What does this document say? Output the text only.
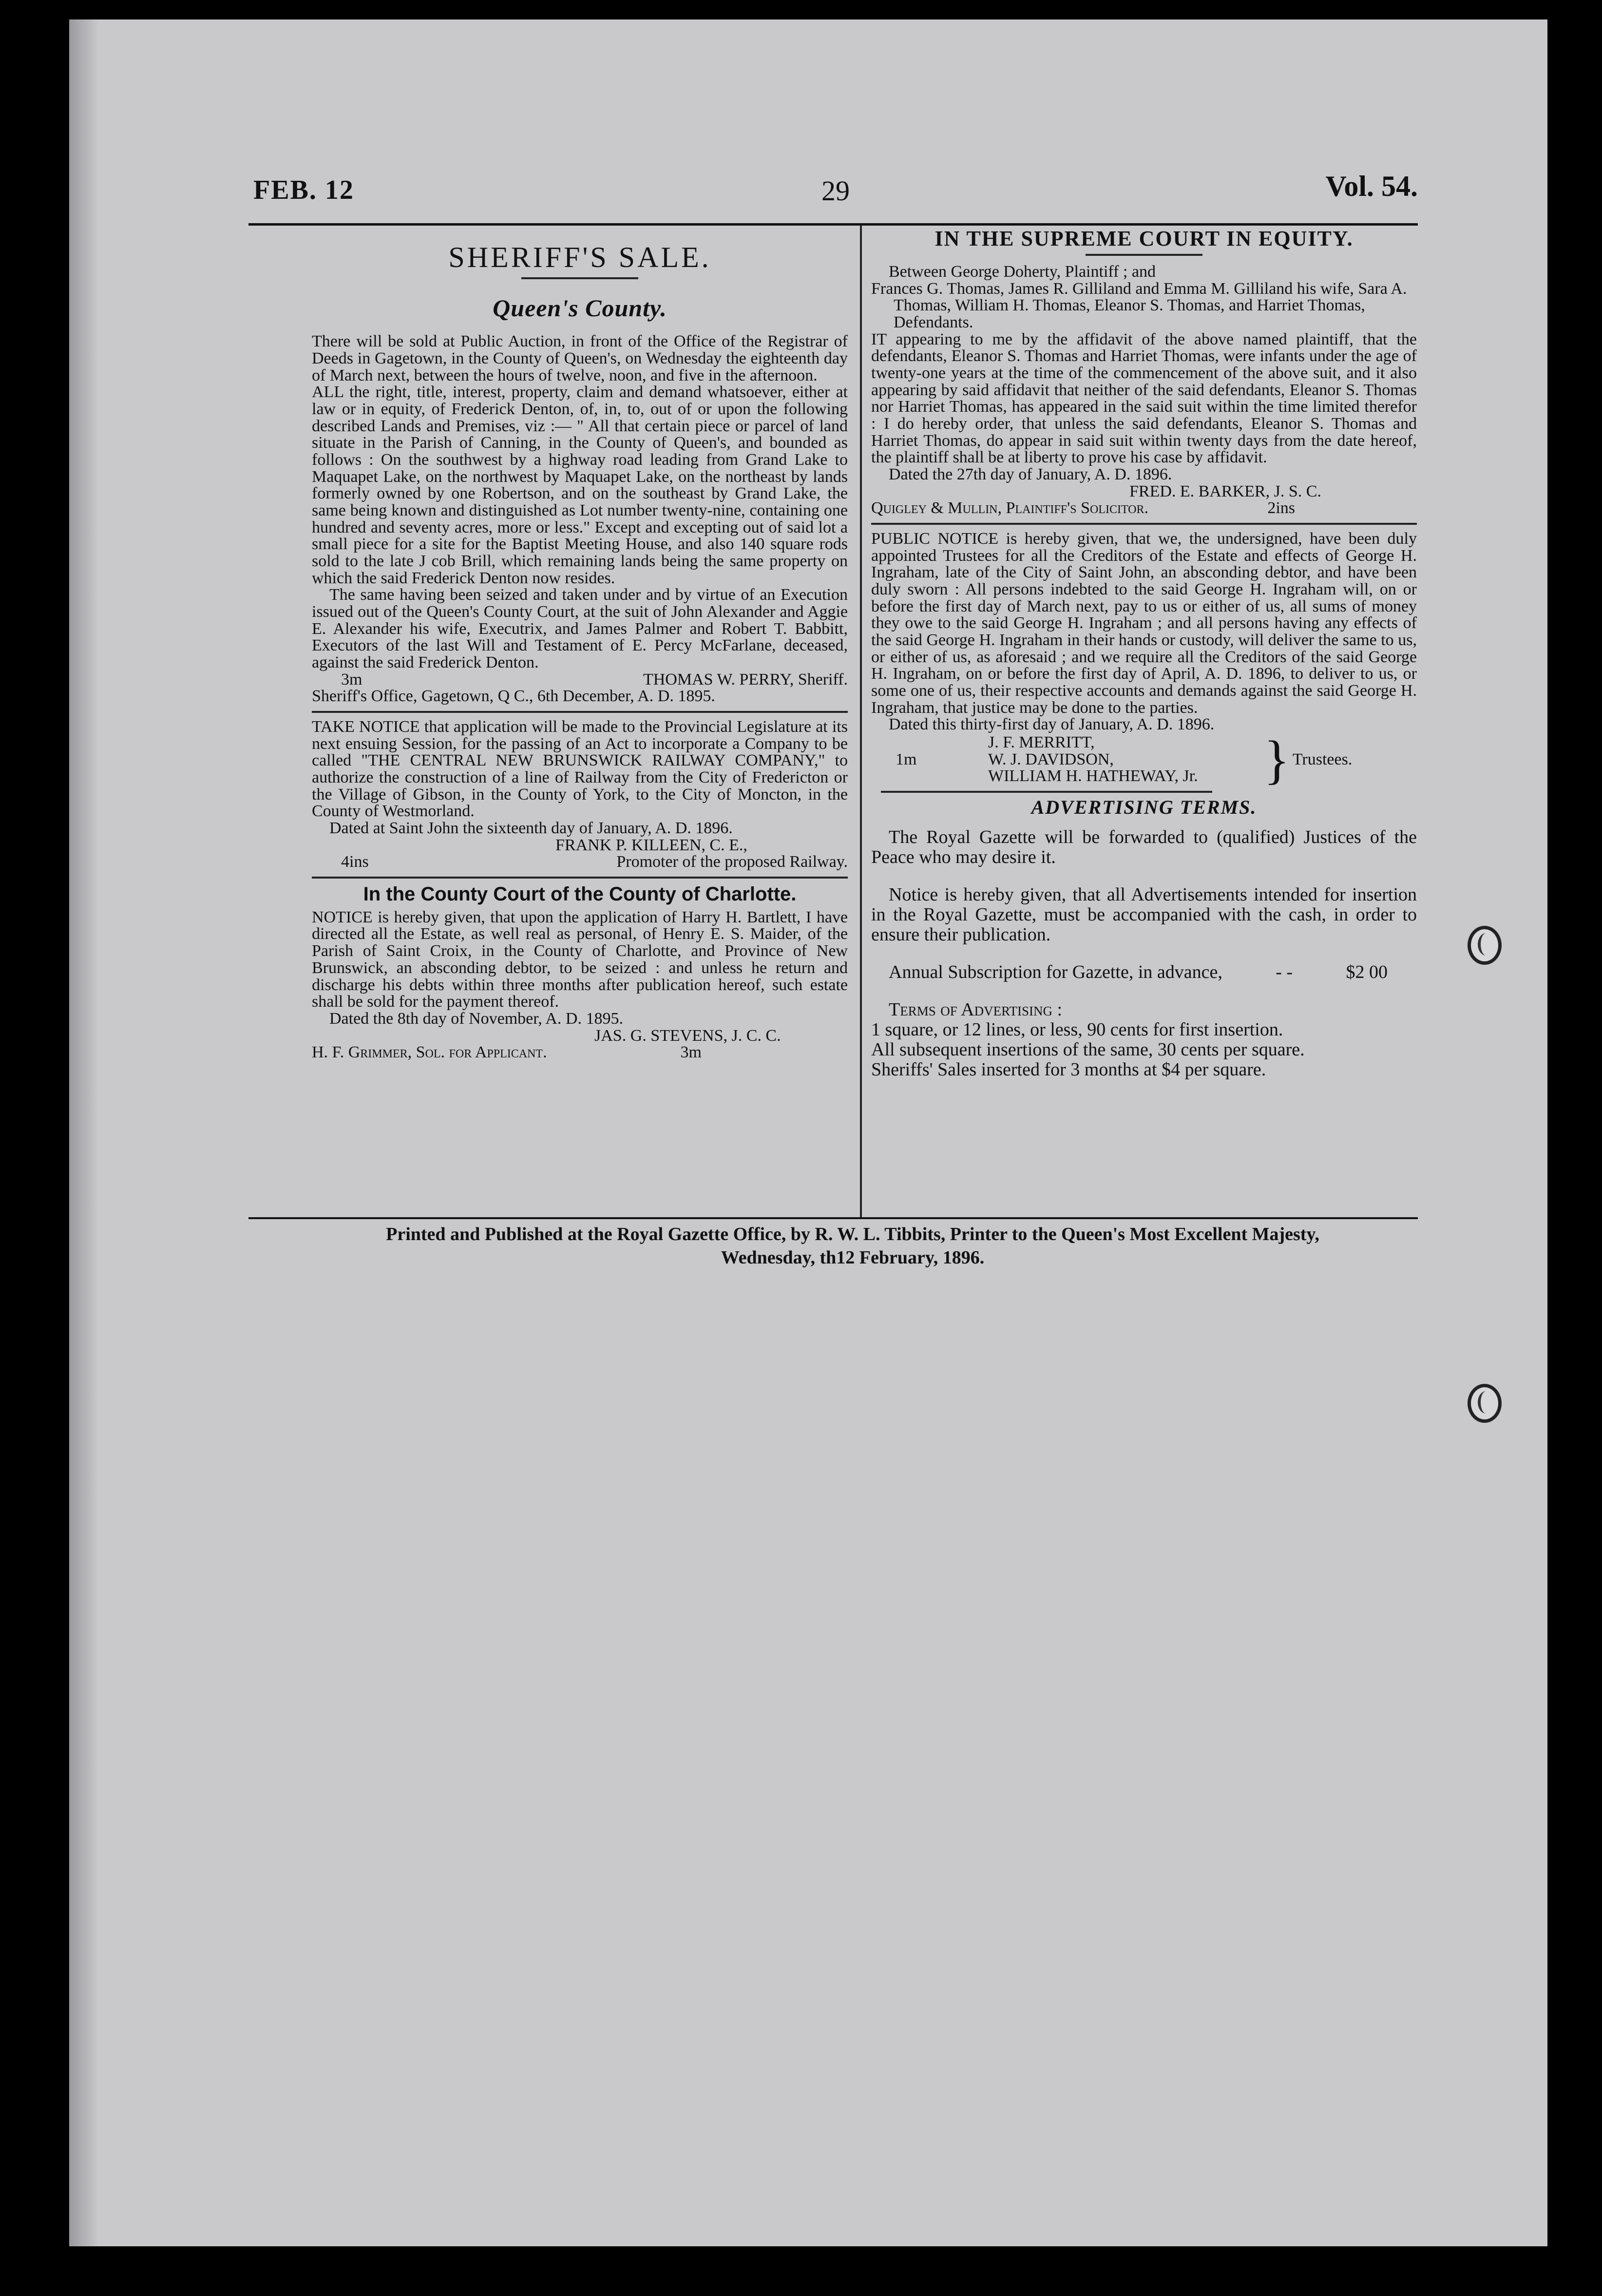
FEB. 12	29	Vol. 54.

SHERIFF'S SALE.

Queen's County.

There will be sold at Public Auction, in front of the Office of the Registrar of Deeds in Gagetown, in the County of Queen's, on Wednesday the eighteenth day of March next, between the hours of twelve, noon, and five in the afternoon.

ALL the right, title, interest, property, claim and demand whatsoever, either at law or in equity, of Frederick Denton, of, in, to, out of or upon the following described Lands and Premises, viz :— " All that certain piece or parcel of land situate in the Parish of Canning, in the County of Queen's, and bounded as follows : On the southwest by a highway road leading from Grand Lake to Maquapet Lake, on the northwest by Maquapet Lake, on the northeast by lands formerly owned by one Robertson, and on the southeast by Grand Lake, the same being known and distinguished as Lot number twenty-nine, containing one hundred and seventy acres, more or less." Except and excepting out of said lot a small piece for a site for the Baptist Meeting House, and also 140 square rods sold to the late J cob Brill, which remaining lands being the same property on which the said Frederick Denton now resides.

The same having been seized and taken under and by virtue of an Execution issued out of the Queen's County Court, at the suit of John Alexander and Aggie E. Alexander his wife, Executrix, and James Palmer and Robert T. Babbitt, Executors of the last Will and Testament of E. Percy McFarlane, deceased, against the said Frederick Denton.

3m	THOMAS W. PERRY, Sheriff.

Sheriff's Office, Gagetown, Q C., 6th December, A. D. 1895.

TAKE NOTICE that application will be made to the Provincial Legislature at its next ensuing Session, for the passing of an Act to incorporate a Company to be called "THE CENTRAL NEW BRUNSWICK RAILWAY COMPANY," to authorize the construction of a line of Railway from the City of Fredericton or the Village of Gibson, in the County of York, to the City of Moncton, in the County of Westmorland.

Dated at Saint John the sixteenth day of January, A. D. 1896.

FRANK P. KILLEEN, C. E.,

4ins	Promoter of the proposed Railway.

In the County Court of the County of Charlotte.

NOTICE is hereby given, that upon the application of Harry H. Bartlett, I have directed all the Estate, as well real as personal, of Henry E. S. Maider, of the Parish of Saint Croix, in the County of Charlotte, and Province of New Brunswick, an absconding debtor, to be seized : and unless he return and discharge his debts within three months after publication hereof, such estate shall be sold for the payment thereof.

Dated the 8th day of November, A. D. 1895.

JAS. G. STEVENS, J. C. C.

H. F. Grimmer, Sol. for Applicant.	3m

IN THE SUPREME COURT IN EQUITY.

Between George Doherty, Plaintiff ; and

Frances G. Thomas, James R. Gilliland and Emma M. Gilliland his wife, Sara A. Thomas, William H. Thomas, Eleanor S. Thomas, and Harriet Thomas, Defendants.

IT appearing to me by the affidavit of the above named plaintiff, that the defendants, Eleanor S. Thomas and Harriet Thomas, were infants under the age of twenty-one years at the time of the commencement of the above suit, and it also appearing by said affidavit that neither of the said defendants, Eleanor S. Thomas nor Harriet Thomas, has appeared in the said suit within the time limited therefor : I do hereby order, that unless the said defendants, Eleanor S. Thomas and Harriet Thomas, do appear in said suit within twenty days from the date hereof, the plaintiff shall be at liberty to prove his case by affidavit.

Dated the 27th day of January, A. D. 1896.

FRED. E. BARKER, J. S. C.

Quigley & Mullin, Plaintiff's Solicitor.	2ins

PUBLIC NOTICE is hereby given, that we, the undersigned, have been duly appointed Trustees for all the Creditors of the Estate and effects of George H. Ingraham, late of the City of Saint John, an absconding debtor, and have been duly sworn : All persons indebted to the said George H. Ingraham will, on or before the first day of March next, pay to us or either of us, all sums of money they owe to the said George H. Ingraham ; and all persons having any effects of the said George H. Ingraham in their hands or custody, will deliver the same to us, or either of us, as aforesaid ; and we require all the Creditors of the said George H. Ingraham, on or before the first day of April, A. D. 1896, to deliver to us, or some one of us, their respective accounts and demands against the said George H. Ingraham, that justice may be done to the parties.

Dated this thirty-first day of January, A. D. 1896.

1m
J. F. MERRITT,
W. J. DAVIDSON,
WILLIAM H. HATHEWAY, Jr.	} Trustees.

ADVERTISING TERMS.

The Royal Gazette will be forwarded to (qualified) Justices of the Peace who may desire it.

Notice is hereby given, that all Advertisements intended for insertion in the Royal Gazette, must be accompanied with the cash, in order to ensure their publication.

Annual Subscription for Gazette, in advance,	- -	$2 00

Terms of Advertising :

1 square, or 12 lines, or less, 90 cents for first insertion.

All subsequent insertions of the same, 30 cents per square.

Sheriffs' Sales inserted for 3 months at $4 per square.

Printed and Published at the Royal Gazette Office, by R. W. L. Tibbits, Printer to the Queen's Most Excellent Majesty,
Wednesday, th12 February, 1896.
